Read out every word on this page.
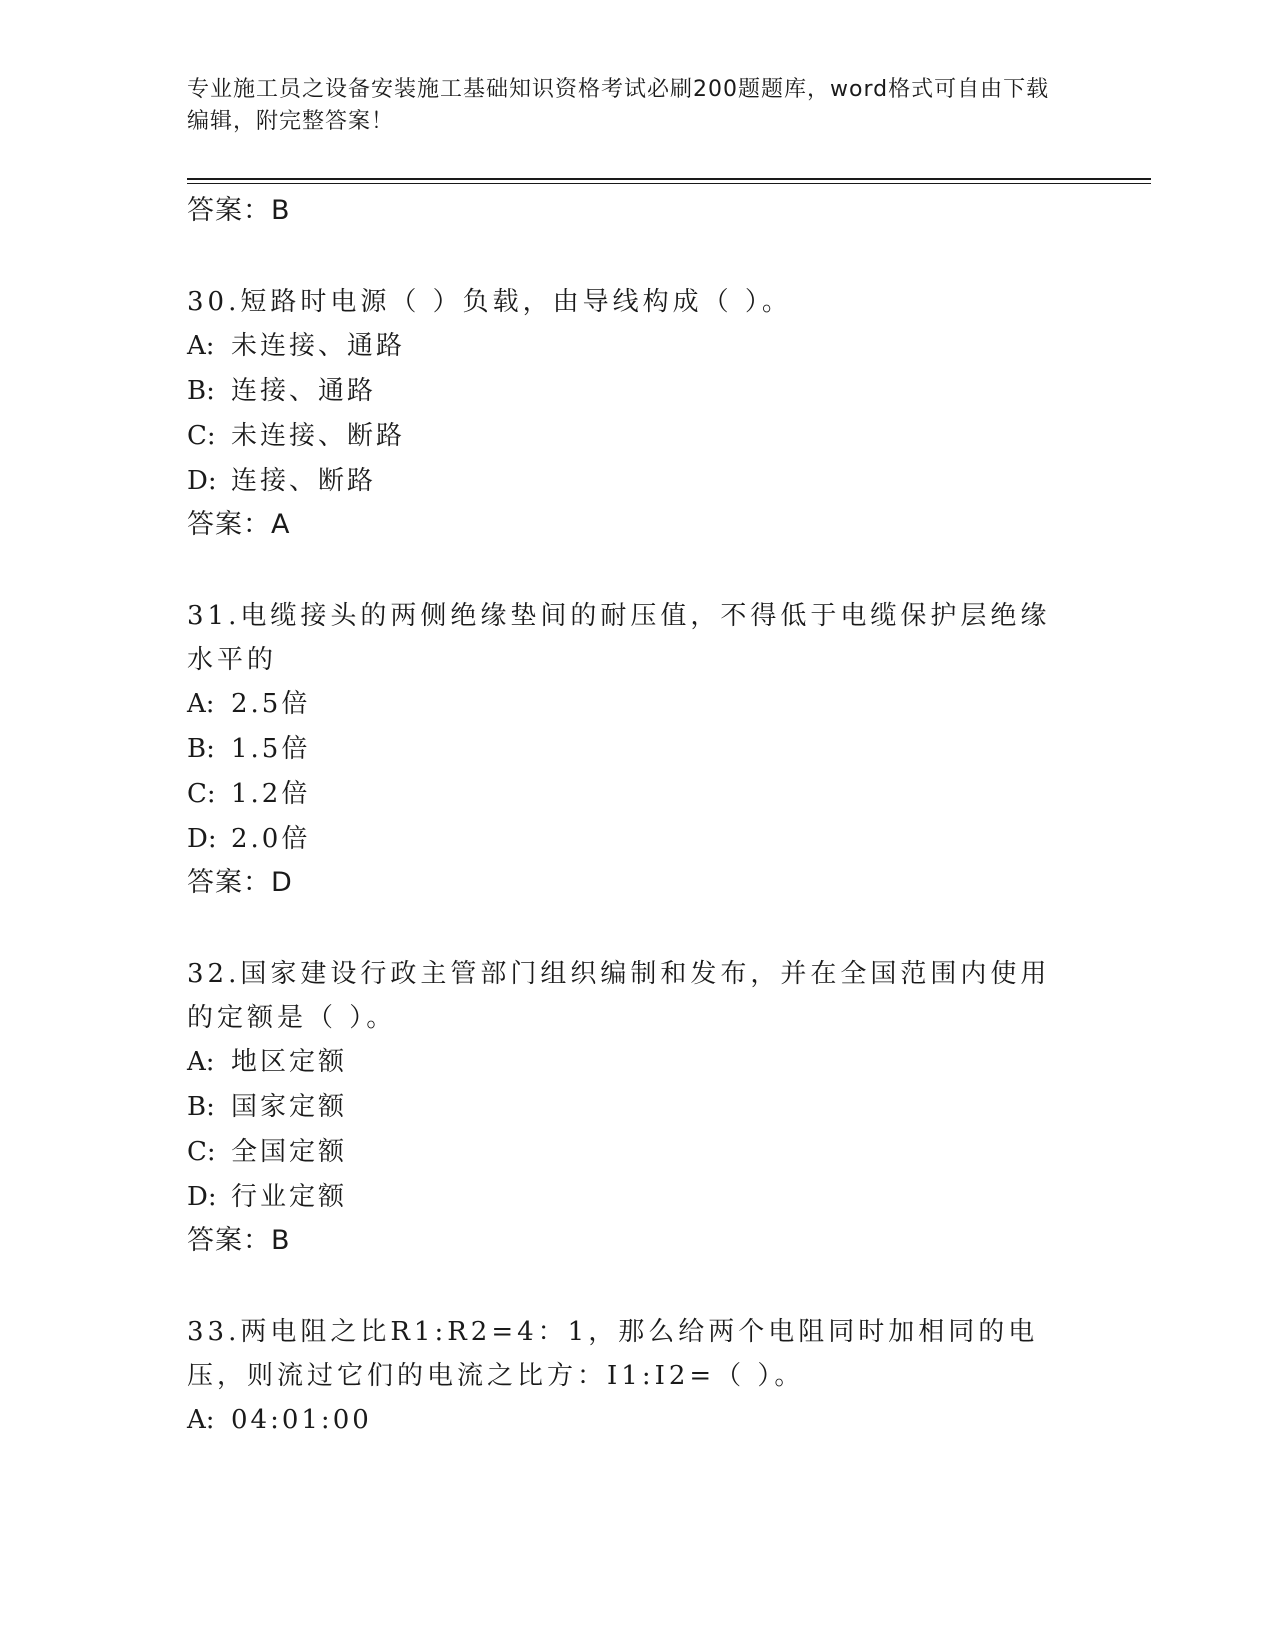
专业施工员之设备安装施工基础知识资格考试必刷200题题库，word格式可自由下载编辑，附完整答案！
答案：B
30.短路时电源（ ）负载，由导线构成（ ）。
A: 未连接、通路
B: 连接、通路
C: 未连接、断路
D: 连接、断路
答案：A
31.电缆接头的两侧绝缘垫间的耐压值，不得低于电缆保护层绝缘水平的
A: 2.5倍
B: 1.5倍
C: 1.2倍
D: 2.0倍
答案：D
32.国家建设行政主管部门组织编制和发布，并在全国范围内使用的定额是（ ）。
A: 地区定额
B: 国家定额
C: 全国定额
D: 行业定额
答案：B
33.两电阻之比R1:R2=4：1，那么给两个电阻同时加相同的电压，则流过它们的电流之比方：I1:I2=（ ）。
A: 04:01:00
